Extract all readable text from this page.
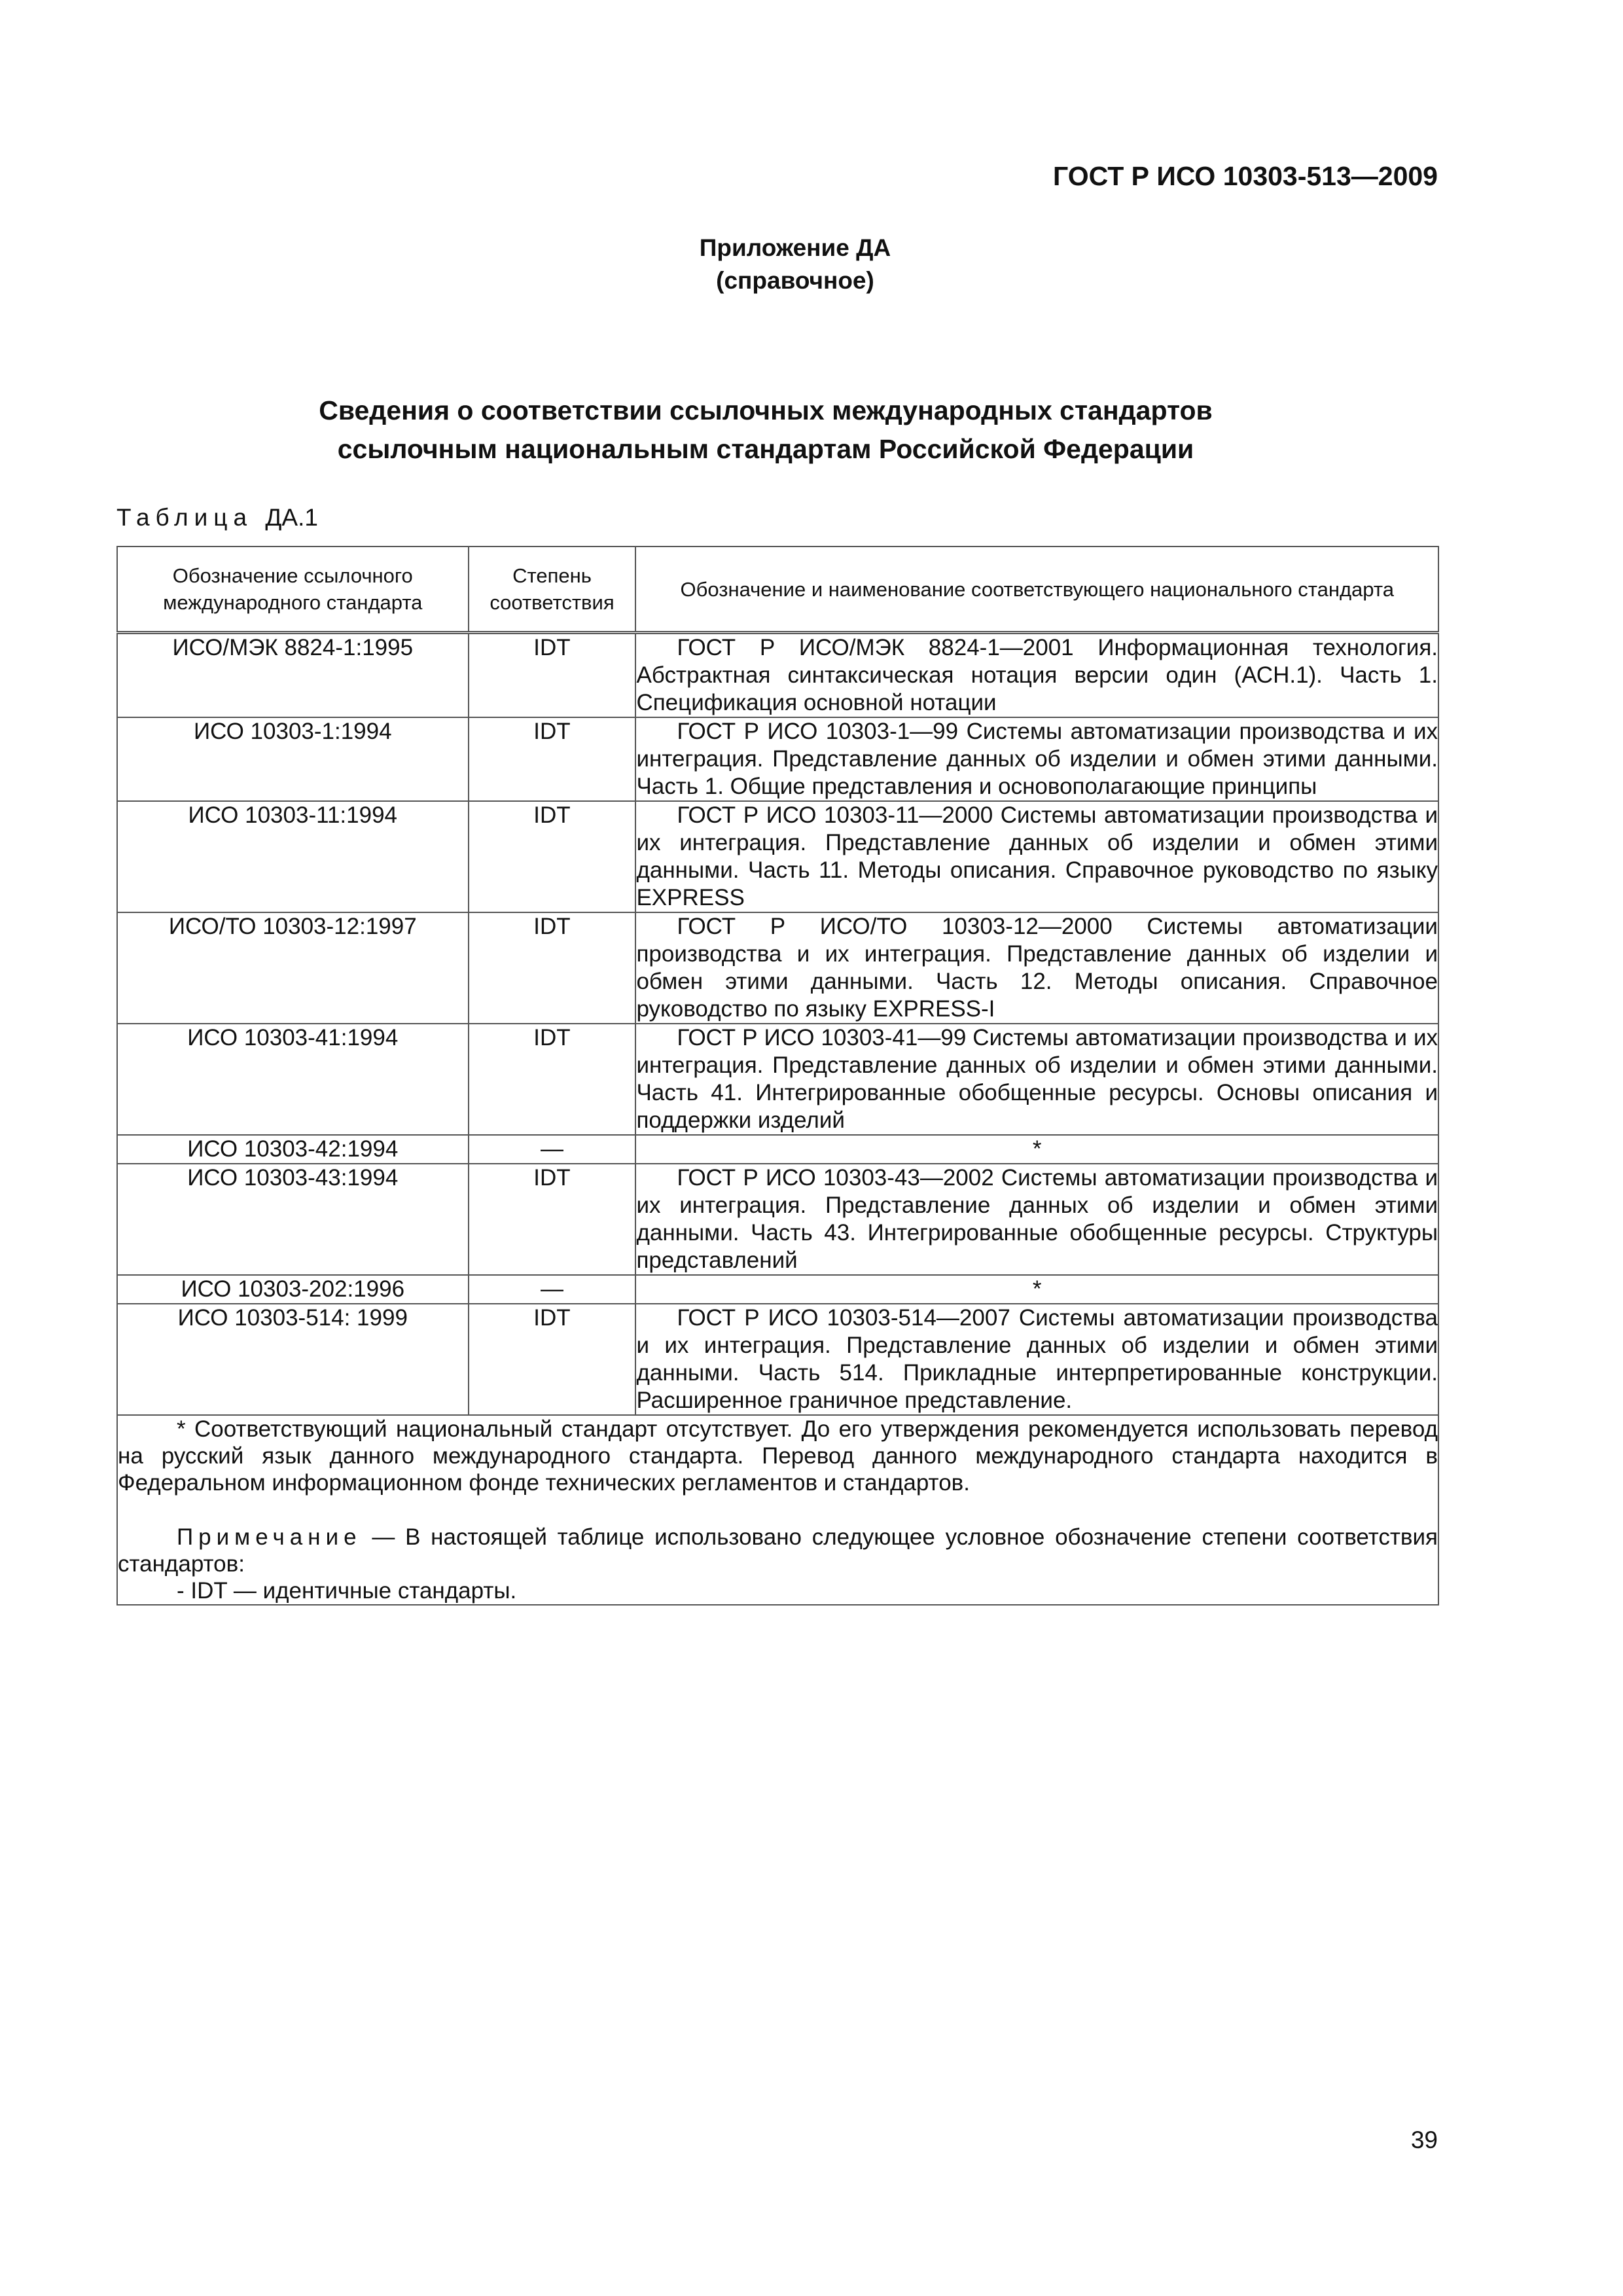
ГОСТ Р ИСО 10303-513—2009
Приложение ДА
(справочное)
Сведения о соответствии ссылочных международных стандартов
ссылочным национальным стандартам Российской Федерации
Таблица ДА.1
Обозначение ссылочного международного стандарта	Степень соответствия	Обозначение и наименование соответствующего национального стандарта
ИСО/МЭК 8824-1:1995	IDT	ГОСТ Р ИСО/МЭК 8824-1—2001 Информационная технология. Абстрактная синтаксическая нотация версии один (АСН.1). Часть 1. Спецификация основной нотации

ИСО 10303-1:1994	IDT	ГОСТ Р ИСО 10303-1—99 Системы автоматизации производства и их интеграция. Представление данных об изделии и обмен этими данными. Часть 1. Общие представления и основополагающие принципы

ИСО 10303-11:1994	IDT	ГОСТ Р ИСО 10303-11—2000 Системы автоматизации производства и их интеграция. Представление данных об изделии и обмен этими данными. Часть 11. Методы описания. Справочное руководство по языку EXPRESS

ИСО/ТО 10303-12:1997	IDT	ГОСТ Р ИСО/ТО 10303-12—2000 Системы автоматизации производства и их интеграция. Представление данных об изделии и обмен этими данными. Часть 12. Методы описания. Справочное руководство по языку EXPRESS-I

ИСО 10303-41:1994	IDT	ГОСТ Р ИСО 10303-41—99 Системы автоматизации производства и их интеграция. Представление данных об изделии и обмен этими данными. Часть 41. Интегрированные обобщенные ресурсы. Основы описания и поддержки изделий

ИСО 10303-42:1994	—	*
ИСО 10303-43:1994	IDT	ГОСТ Р ИСО 10303-43—2002 Системы автоматизации производства и их интеграция. Представление данных об изделии и обмен этими данными. Часть 43. Интегрированные обобщенные ресурсы. Структуры представлений

ИСО 10303-202:1996	—	*
ИСО 10303-514: 1999	IDT	ГОСТ Р ИСО 10303-514—2007 Системы автоматизации производства и их интеграция. Представление данных об изделии и обмен этими данными. Часть 514. Прикладные интерпретированные конструкции. Расширенное граничное представление.

* Соответствующий национальный стандарт отсутствует. До его утверждения рекомендуется использовать перевод на русский язык данного международного стандарта. Перевод данного международного стандарта находится в Федеральном информационном фонде технических регламентов и стандартов.

Примечание — В настоящей таблице использовано следующее условное обозначение степени соответствия стандартов:

- IDT — идентичные стандарты.		

39
